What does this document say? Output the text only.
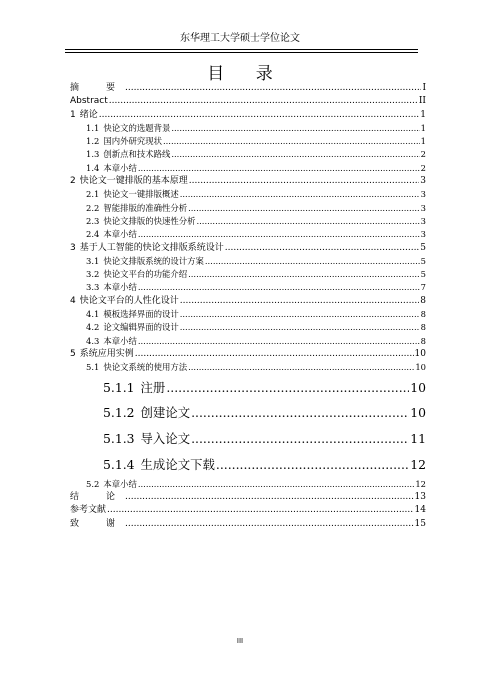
东华理工大学硕士学位论文
目 录
摘　要 .....	I
Abstract .....	II
1 绪论 .....	1
1.1 快论文的选题背景 .....	1
1.2 国内外研究现状 .....	1
1.3 创新点和技术路线 .....	2
1.4 本章小结 .....	2
2 快论文一键排版的基本原理 .....	3
2.1 快论文一键排版概述 .....	3
2.2 智能排版的准确性分析 .....	3
2.3 快论文排版的快速性分析 .....	3
2.4 本章小结 .....	3
3 基于人工智能的快论文排版系统设计 .....	5
3.1 快论文排版系统的设计方案 .....	5
3.2 快论文平台的功能介绍 .....	5
3.3 本章小结 .....	7
4 快论文平台的人性化设计 .....	8
4.1 模板选择界面的设计 .....	8
4.2 论文编辑界面的设计 .....	8
4.3 本章小结 .....	8
5 系统应用实例 .....	10
5.1 快论文系统的使用方法 .....	10
5.1.1 注册 .....	10
5.1.2 创建论文 .....	10
5.1.3 导入论文 .....	11
5.1.4 生成论文下载 .....	12
5.2 本章小结 .....	12
结　论 .....	13
参考文献 .....	14
致　谢 .....	15
III
